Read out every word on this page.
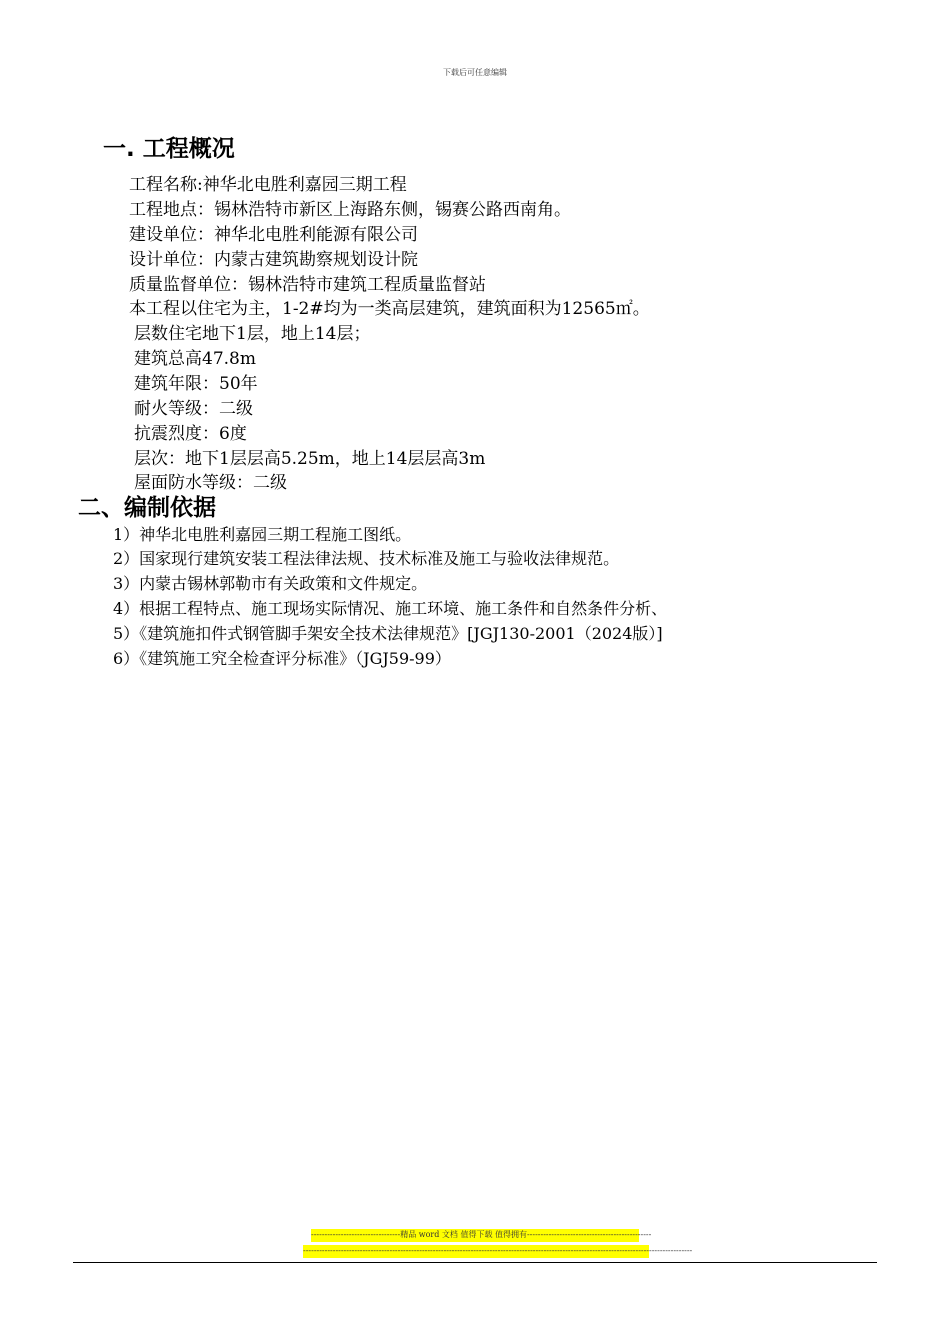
下载后可任意编辑
一. 工程概况
工程名称:神华北电胜利嘉园三期工程
工程地点：锡林浩特市新区上海路东侧，锡赛公路西南角。
建设单位：神华北电胜利能源有限公司
设计单位：内蒙古建筑勘察规划设计院
质量监督单位：锡林浩特市建筑工程质量监督站
本工程以住宅为主，1-2#均为一类高层建筑，建筑面积为12565㎡。
层数住宅地下1层，地上14层；
建筑总高47.8m
建筑年限：50年
耐火等级：二级
抗震烈度：6度
层次：地下1层层高5.25m，地上14层层高3m
屋面防水等级：二级
二、编制依据
1）神华北电胜利嘉园三期工程施工图纸。
2）国家现行建筑安装工程法律法规、技术标准及施工与验收法律规范。
3）内蒙古锡林郭勒市有关政策和文件规定。
4）根据工程特点、施工现场实际情况、施工环境、施工条件和自然条件分析、
5）《建筑施扣件式钢管脚手架安全技术法律规范》[JGJ130-2001（2024版）]
6）《建筑施工究全检查评分标准》（JGJ59-99）
---------------------------------精品 word 文档 值得下载 值得拥有----------------------------------------------
------------------------------------------------------------------------------------------------------------------------------------------------
